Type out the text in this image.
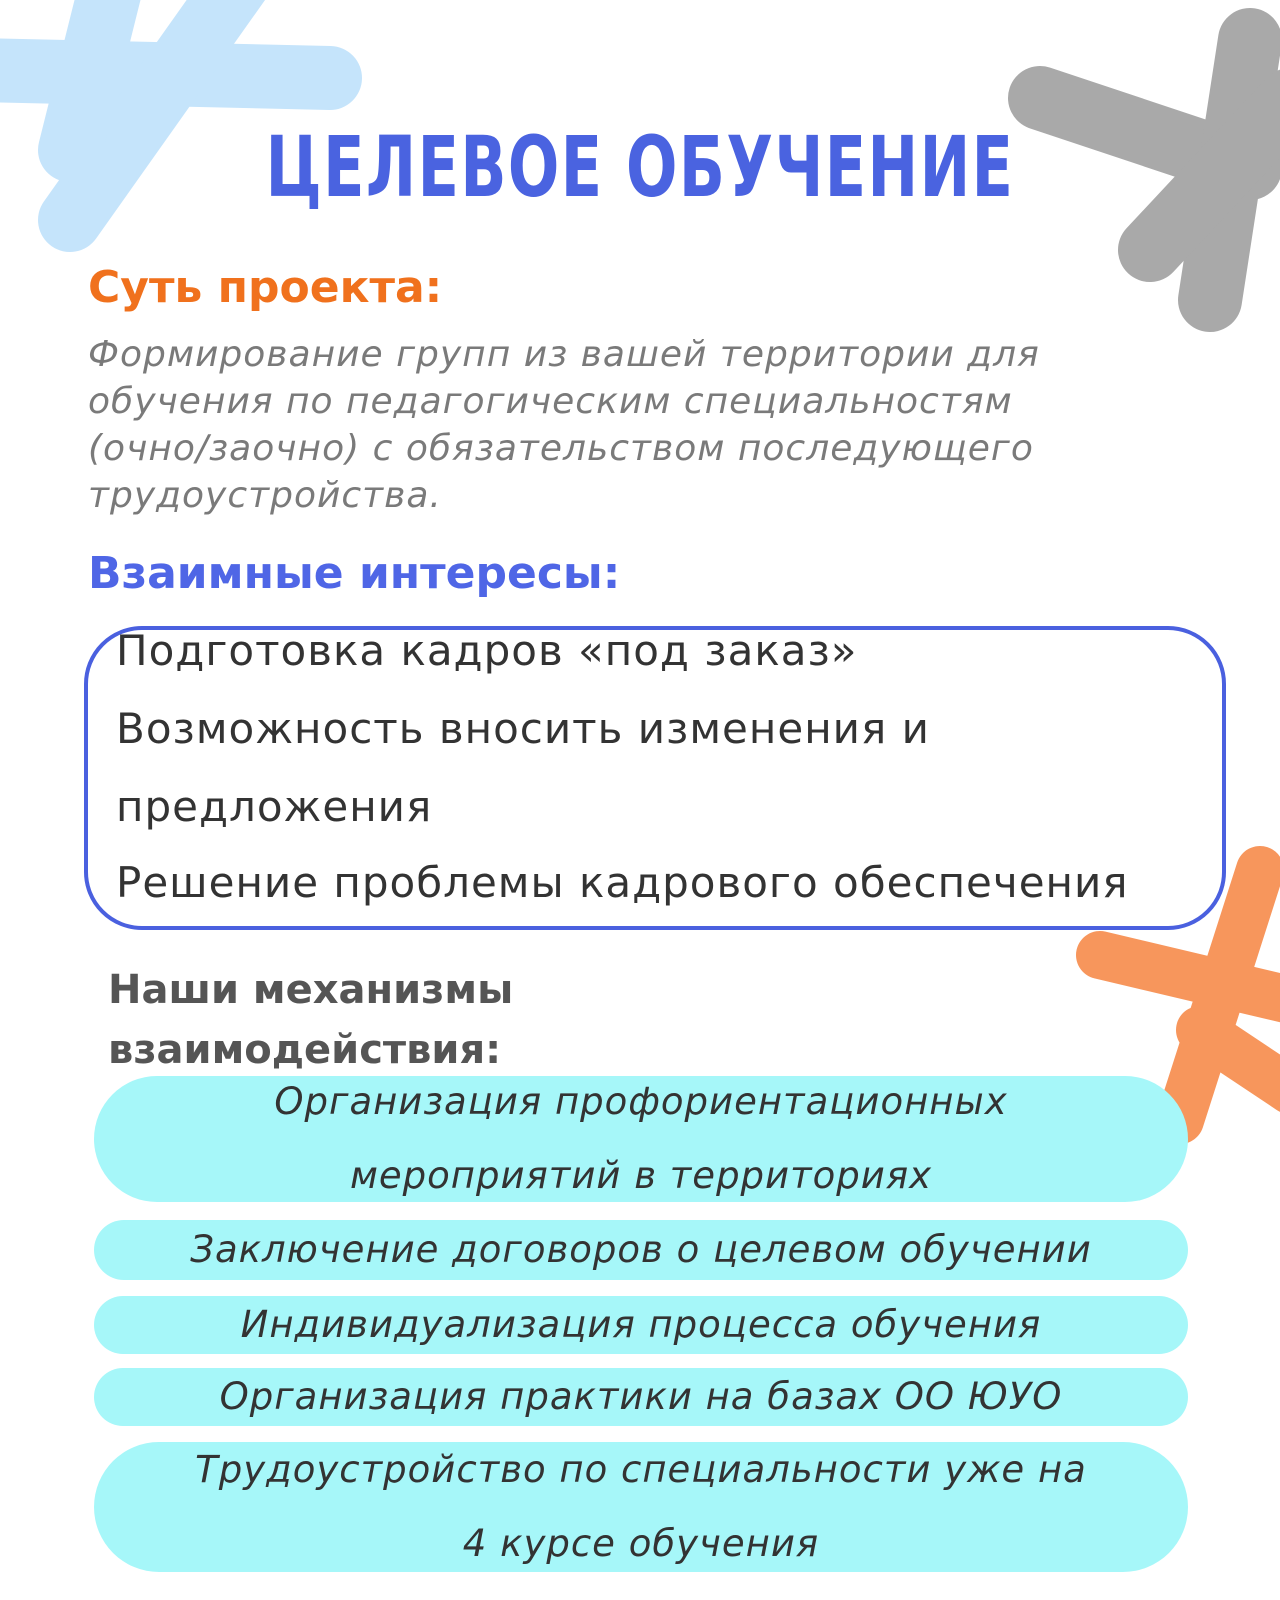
ЦЕЛЕВОЕ ОБУЧЕНИЕ
Суть проекта:
Формирование групп из вашей территории для
обучения по педагогическим специальностям
(очно/заочно) с обязательством последующего
трудоустройства.
Взаимные интересы:
Подготовка кадров «под заказ»
Возможность вносить изменения и
предложения
Решение проблемы кадрового обеспечения
Наши механизмы
взаимодействия:
Организация профориентационных
мероприятий в территориях
Заключение договоров о целевом обучении
Индивидуализация процесса обучения
Организация практики на базах ОО ЮУО
Трудоустройство по специальности уже на
4 курсе обучения
